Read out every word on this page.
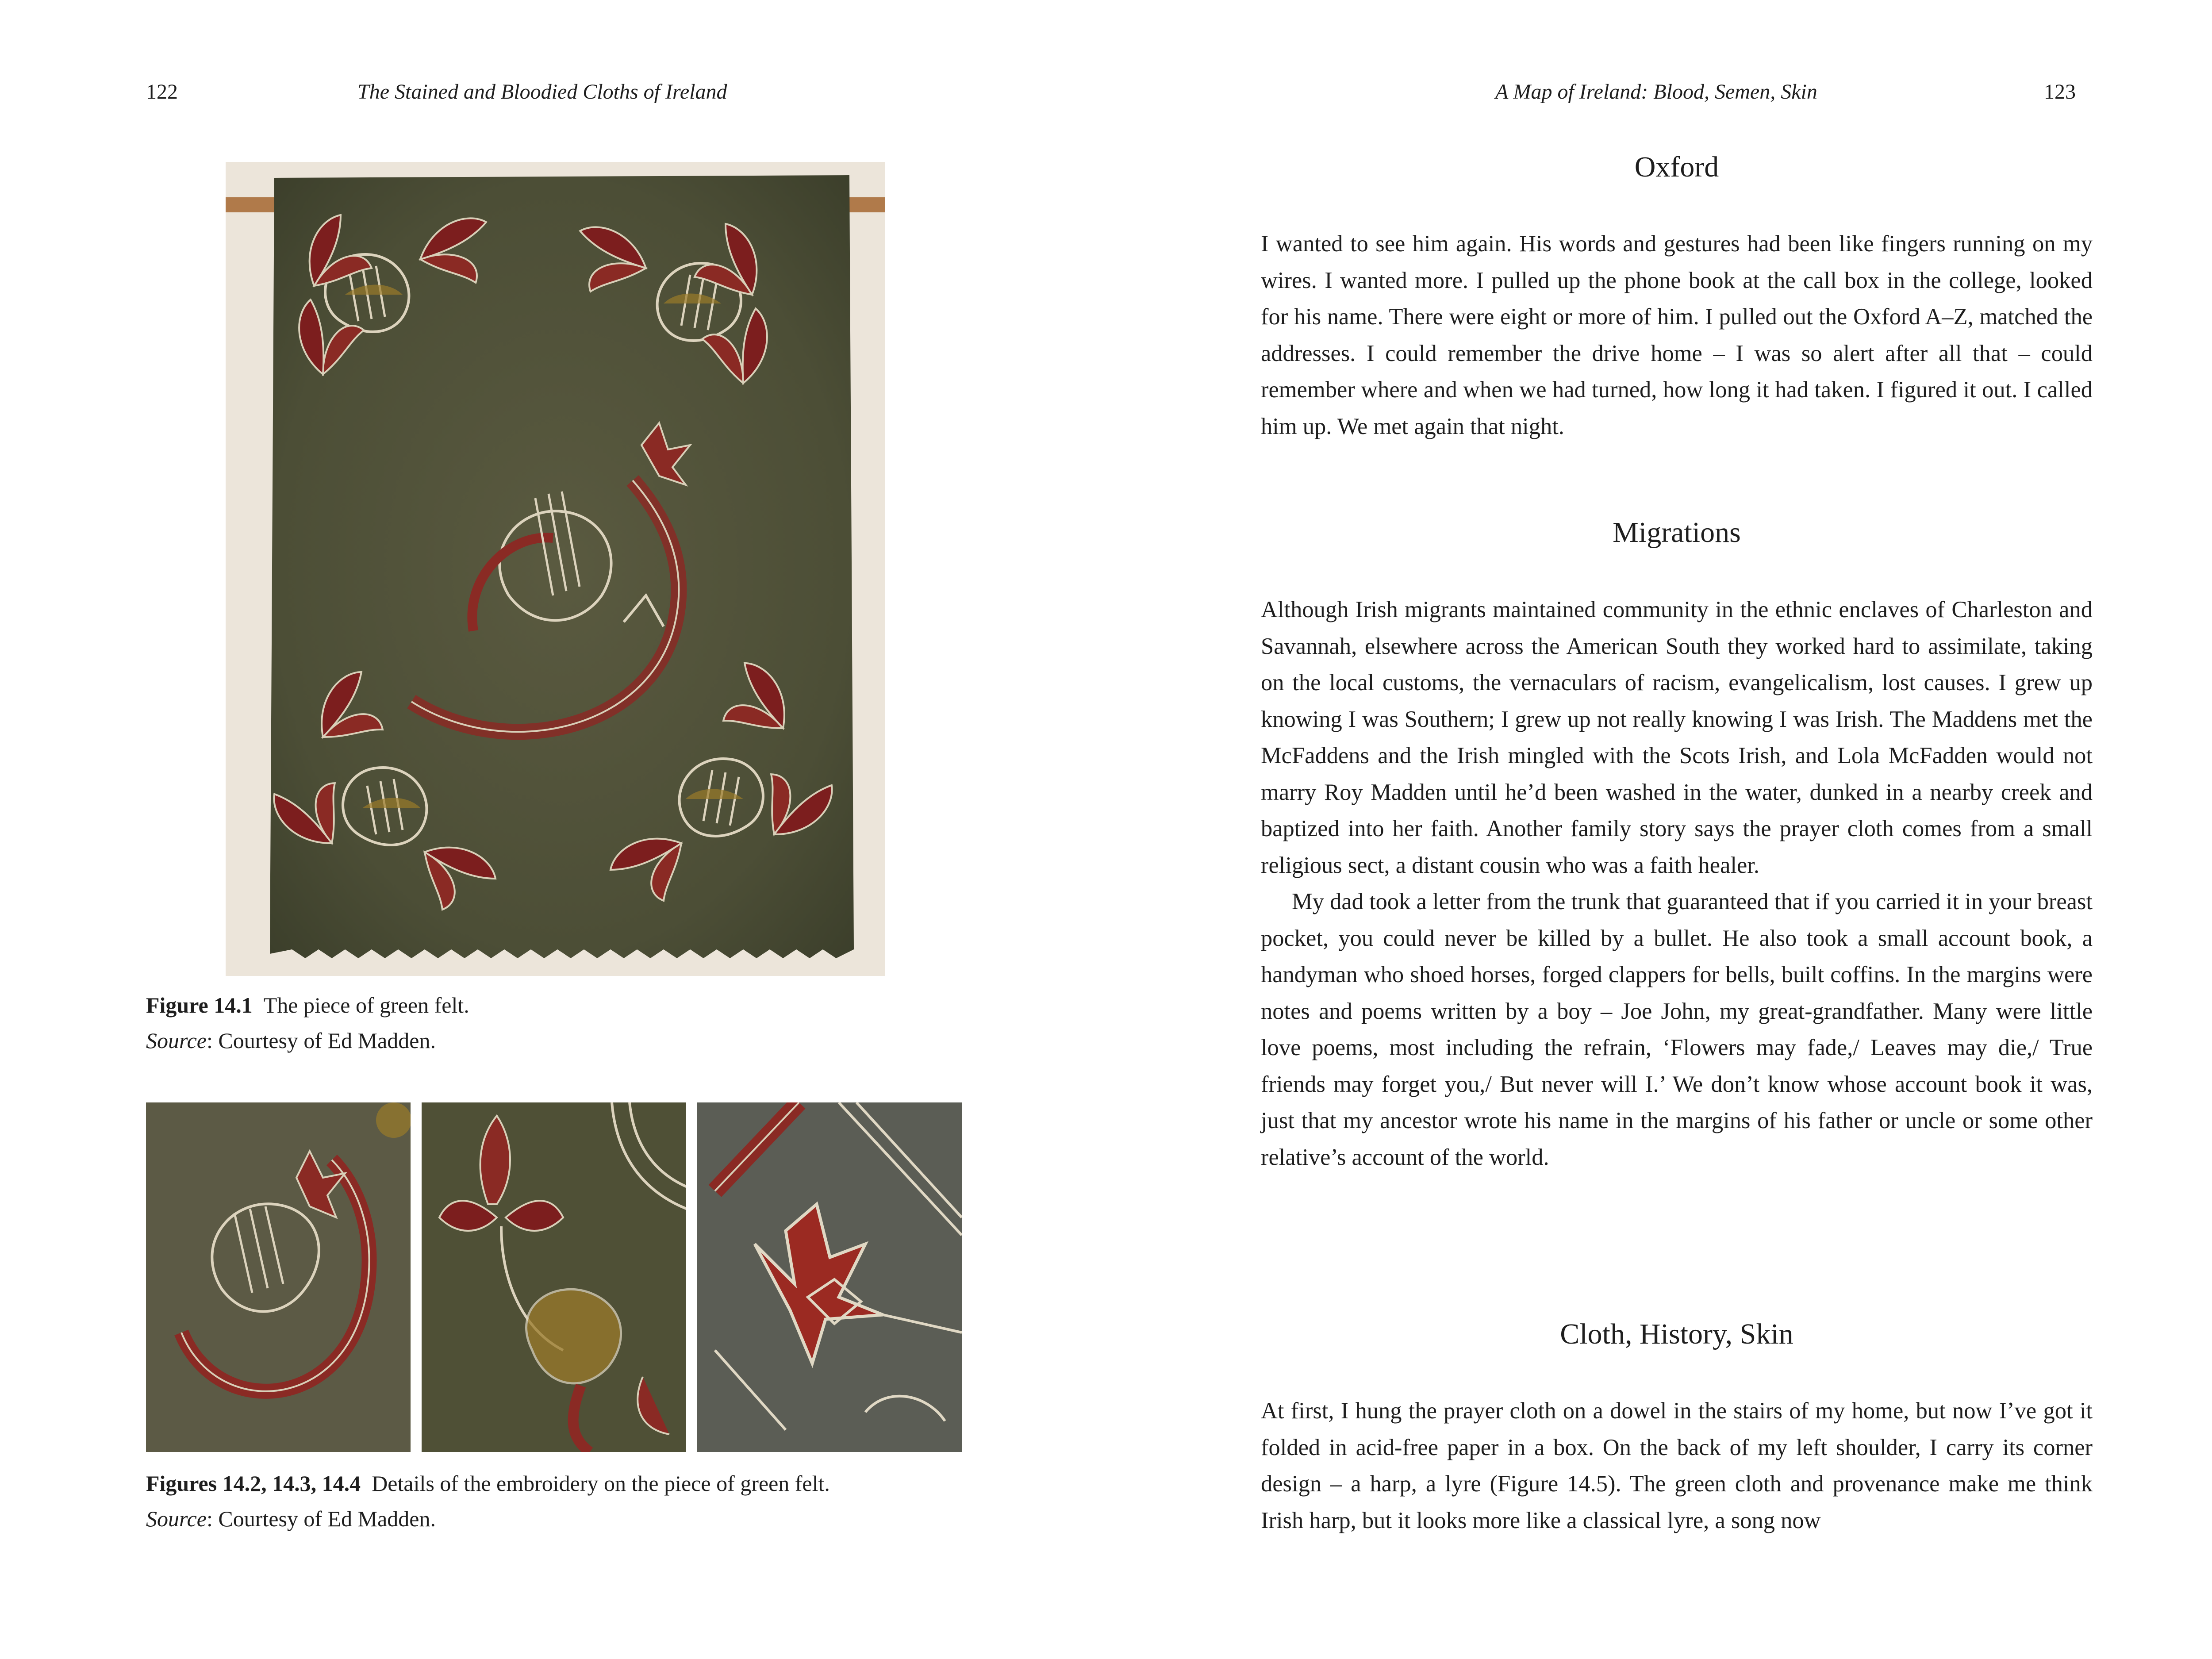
122	The Stained and Bloodied Cloths of Ireland
Figure 14.1 The piece of green felt.
Source: Courtesy of Ed Madden.
Figures 14.2, 14.3, 14.4 Details of the embroidery on the piece of green felt.
Source: Courtesy of Ed Madden.
A Map of Ireland: Blood, Semen, Skin	123
Oxford

I wanted to see him again. His words and gestures had been like fingers running on my wires. I wanted more. I pulled up the phone book at the call box in the college, looked for his name. There were eight or more of him. I pulled out the Oxford A–Z, matched the addresses. I could remember the drive home – I was so alert after all that – could remember where and when we had turned, how long it had taken. I figured it out. I called him up. We met again that night.

Migrations

Although Irish migrants maintained community in the ethnic enclaves of Charleston and Savannah, elsewhere across the American South they worked hard to assimilate, taking on the local customs, the vernaculars of racism, evangelicalism, lost causes. I grew up knowing I was Southern; I grew up not really knowing I was Irish. The Maddens met the McFaddens and the Irish mingled with the Scots Irish, and Lola McFadden would not marry Roy Madden until he’d been washed in the water, dunked in a nearby creek and baptized into her faith. Another family story says the prayer cloth comes from a small religious sect, a distant cousin who was a faith healer.

My dad took a letter from the trunk that guaranteed that if you carried it in your breast pocket, you could never be killed by a bullet. He also took a small account book, a handyman who shoed horses, forged clappers for bells, built coffins. In the margins were notes and poems written by a boy – Joe John, my great-grandfather. Many were little love poems, most including the refrain, ‘Flowers may fade,/ Leaves may die,/ True friends may forget you,/ But never will I.’ We don’t know whose account book it was, just that my ancestor wrote his name in the margins of his father or uncle or some other relative’s account of the world.

Cloth, History, Skin

At first, I hung the prayer cloth on a dowel in the stairs of my home, but now I’ve got it folded in acid-free paper in a box. On the back of my left shoulder, I carry its corner design – a harp, a lyre (Figure 14.5). The green cloth and provenance make me think Irish harp, but it looks more like a classical lyre, a song now
